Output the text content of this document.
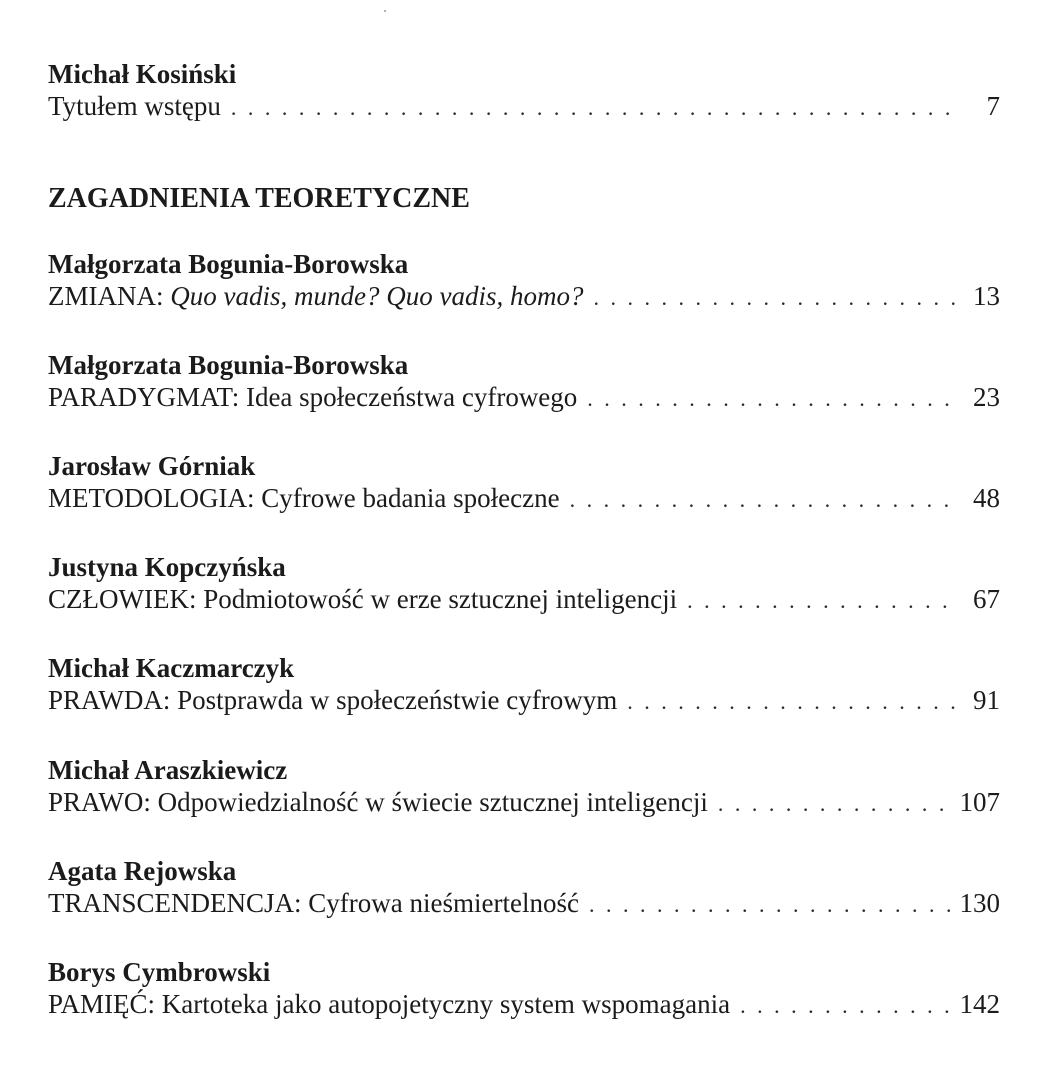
Michał Kosiński
Tytułem wstępu . . .	7
ZAGADNIENIA TEORETYCZNE
Małgorzata Bogunia-Borowska
ZMIANA: Quo vadis, munde? Quo vadis, homo? . . .	13
Małgorzata Bogunia-Borowska
PARADYGMAT: Idea społeczeństwa cyfrowego . . .	23
Jarosław Górniak
METODOLOGIA: Cyfrowe badania społeczne . . .	48
Justyna Kopczyńska
CZŁOWIEK: Podmiotowość w erze sztucznej inteligencji . . .	67
Michał Kaczmarczyk
PRAWDA: Postprawda w społeczeństwie cyfrowym . . .	91
Michał Araszkiewicz
PRAWO: Odpowiedzialność w świecie sztucznej inteligencji . . .	107
Agata Rejowska
TRANSCENDENCJA: Cyfrowa nieśmiertelność . . .	130
Borys Cymbrowski
PAMIĘĆ: Kartoteka jako autopojetyczny system wspomagania . . .	142
